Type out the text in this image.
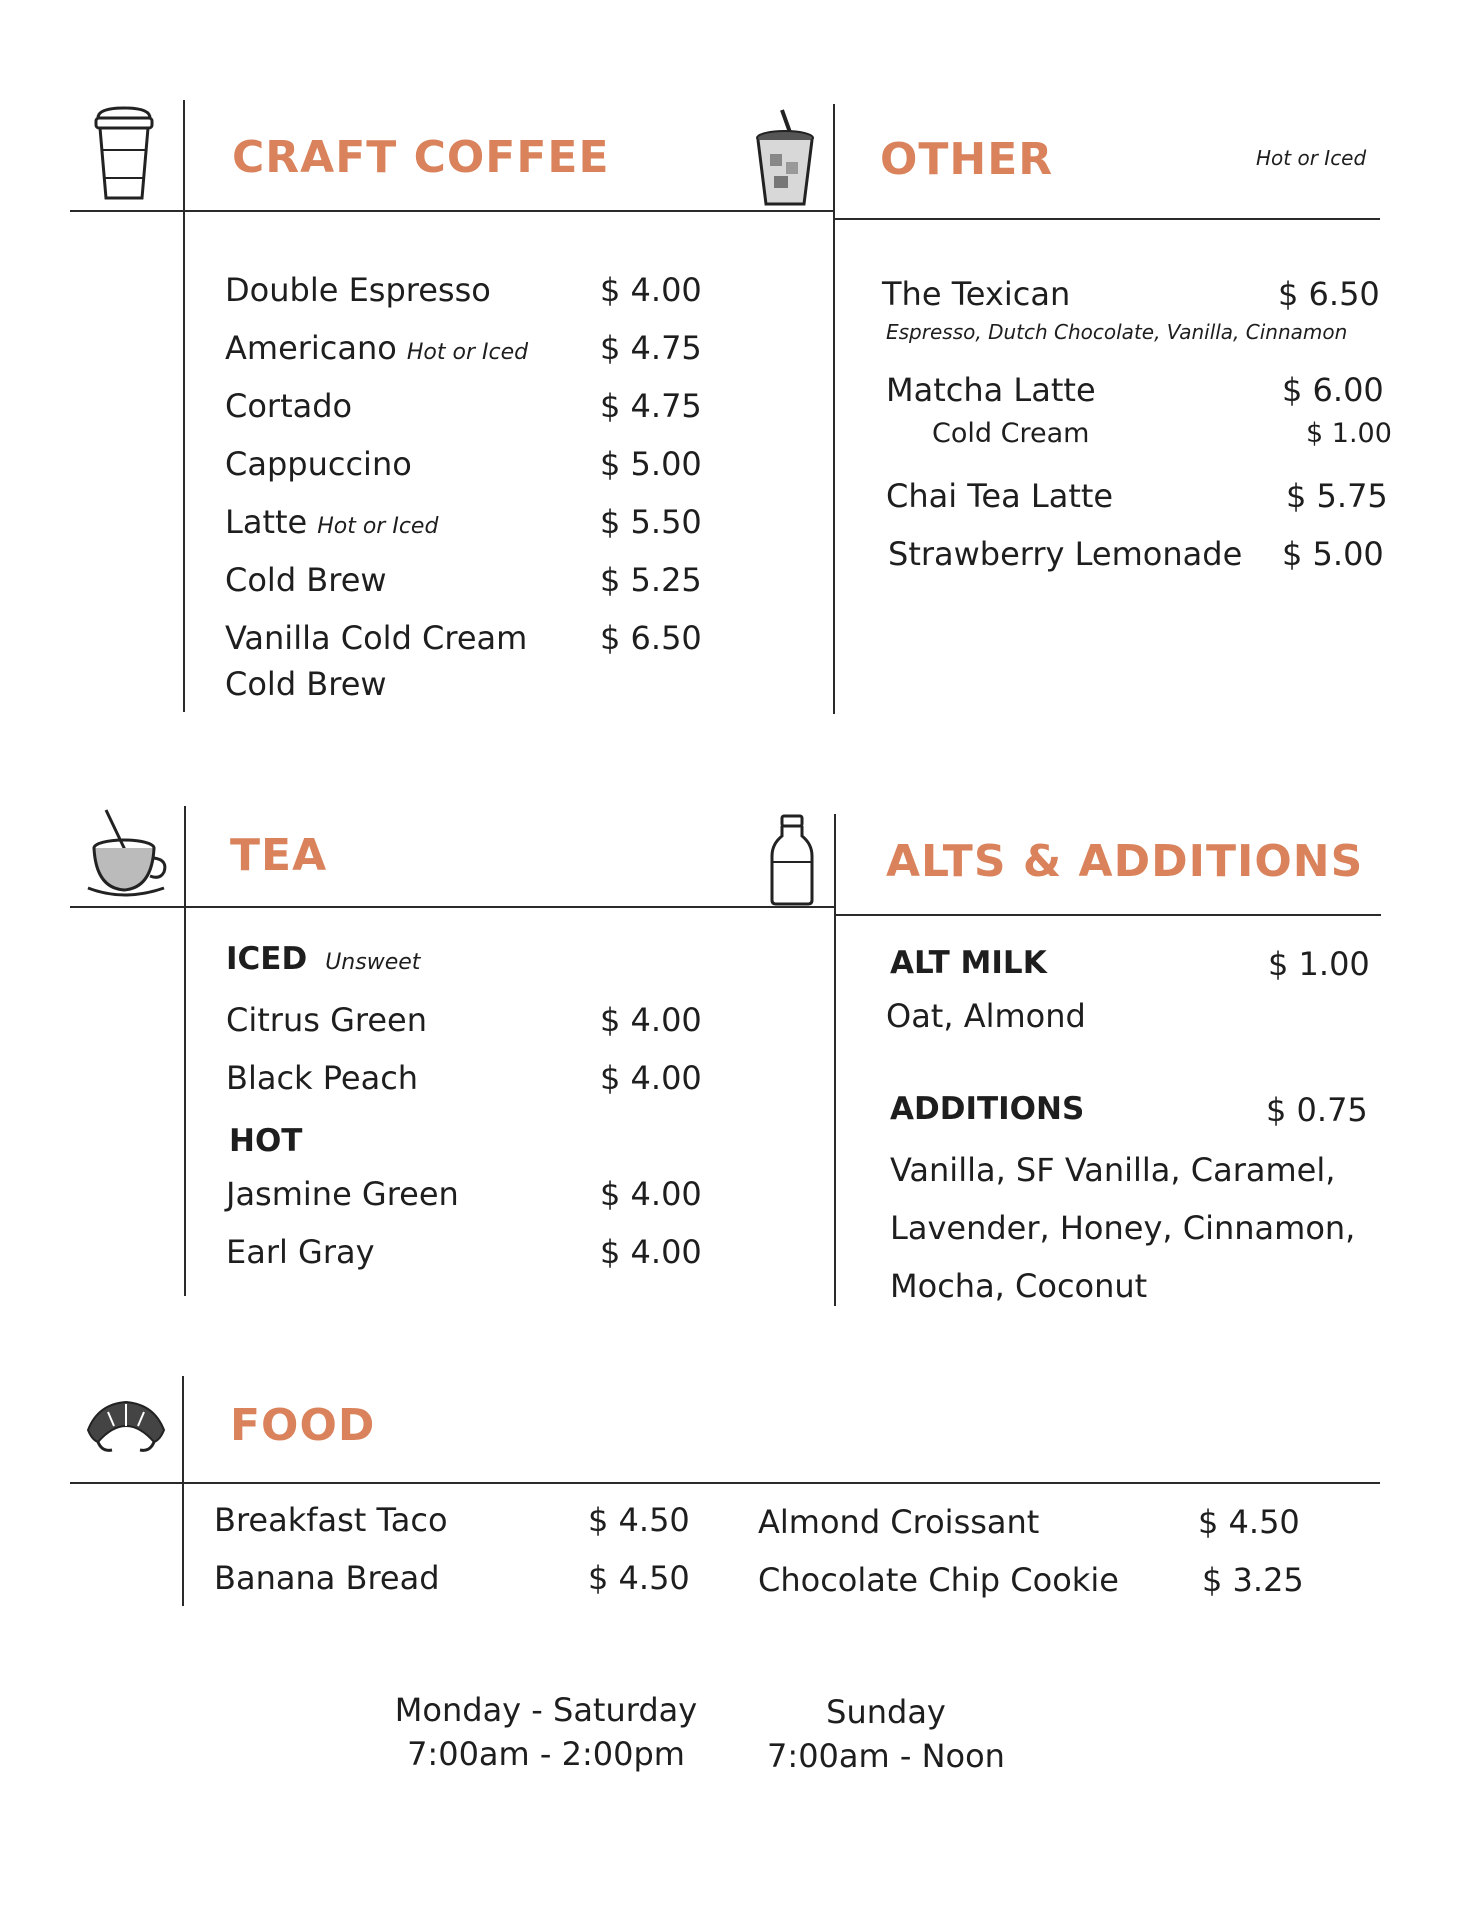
CRAFT COFFEE
Double Espresso	$ 4.00
Americano Hot or Iced $ 4.75
Cortado	$ 4.75
Cappuccino	$ 5.00
Latte Hot or Iced	$ 5.50
Cold Brew	$ 5.25
Vanilla Cold Cream $ 6.50
Cold Brew
OTHER	Hot or Iced
The Texican	$ 6.50
Espresso, Dutch Chocolate, Vanilla, Cinnamon
Matcha Latte	$ 6.00
Cold Cream	$ 1.00
Chai Tea Latte	$ 5.75
Strawberry Lemonade $ 5.00
TEA
ICED Unsweet
Citrus Green	$ 4.00
Black Peach	$ 4.00
HOT
Jasmine Green	$ 4.00
Earl Gray	$ 4.00
ALTS & ADDITIONS
ALT MILK	$ 1.00
Oat, Almond
ADDITIONS	$ 0.75
Vanilla, SF Vanilla, Caramel,
Lavender, Honey, Cinnamon,
Mocha, Coconut
FOOD
Breakfast Taco	$ 4.50
Banana Bread	$ 4.50
Almond Croissant	$ 4.50
Chocolate Chip Cookie	$ 3.25
Monday - Saturday
7:00am - 2:00pm
Sunday
7:00am - Noon
